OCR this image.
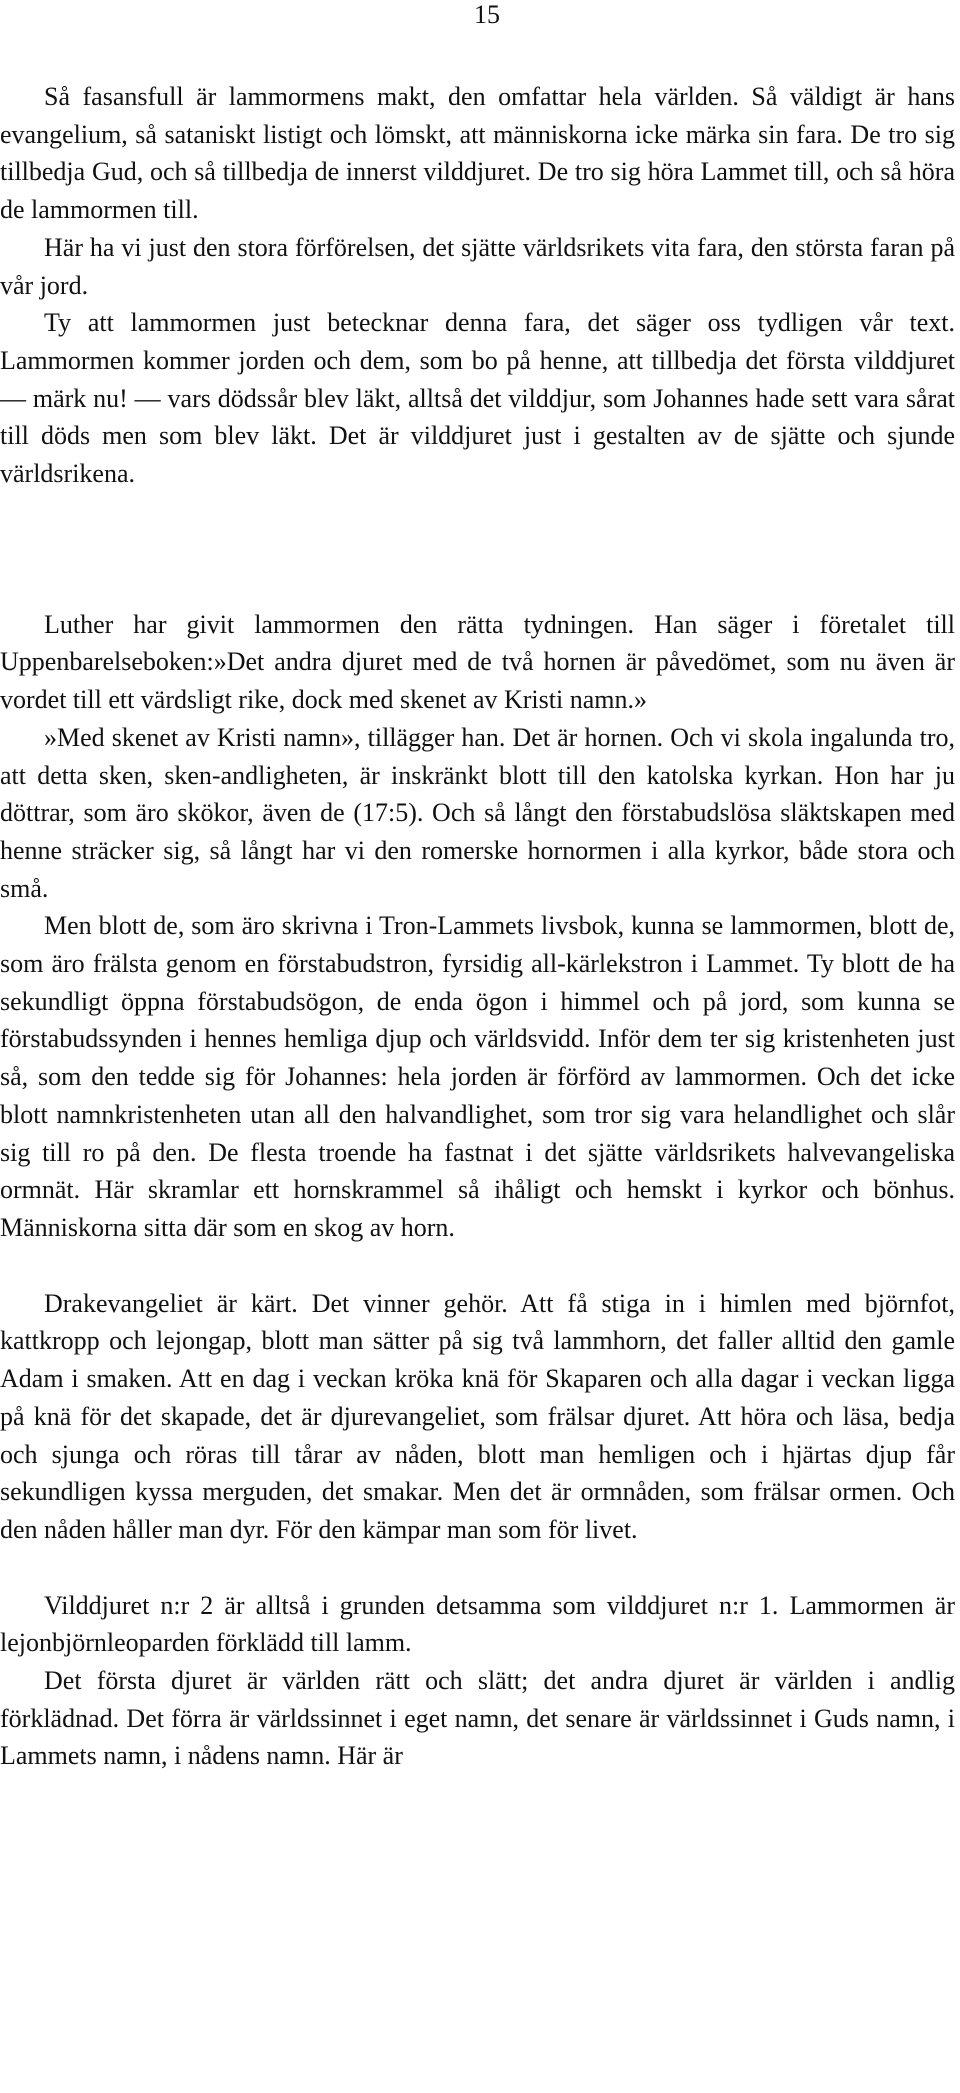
15

Så fasansfull är lammormens makt, den omfattar hela världen. Så väldigt är hans evangelium, så sataniskt listigt och lömskt, att människorna icke märka sin fara. De tro sig tillbedja Gud, och så tillbedja de innerst vilddjuret. De tro sig höra Lammet till, och så höra de lammormen till.

Här ha vi just den stora förförelsen, det sjätte världsrikets vita fara, den största faran på vår jord.

Ty att lammormen just betecknar denna fara, det säger oss tydligen vår text. Lammormen kommer jorden och dem, som bo på henne, att tillbedja det första vilddjuret — märk nu! — vars dödssår blev läkt, alltså det vilddjur, som Johannes hade sett vara sårat till döds men som blev läkt. Det är vilddjuret just i gestalten av de sjätte och sjunde världsrikena.

Luther har givit lammormen den rätta tydningen. Han säger i företalet till Uppenbarelseboken:»Det andra djuret med de två hornen är påvedömet, som nu även är vordet till ett värdsligt rike, dock med skenet av Kristi namn.»

»Med skenet av Kristi namn», tillägger han. Det är hornen. Och vi skola ingalunda tro, att detta sken, sken-andligheten, är inskränkt blott till den katolska kyrkan. Hon har ju döttrar, som äro skökor, även de (17:5). Och så långt den förstabudslösa släktskapen med henne sträcker sig, så långt har vi den romerske hornormen i alla kyrkor, både stora och små.

Men blott de, som äro skrivna i Tron-Lammets livsbok, kunna se lammormen, blott de, som äro frälsta genom en förstabudstron, fyrsidig all-kärlekstron i Lammet. Ty blott de ha sekundligt öppna förstabudsögon, de enda ögon i himmel och på jord, som kunna se förstabudssynden i hennes hemliga djup och världsvidd. Inför dem ter sig kristenheten just så, som den tedde sig för Johannes: hela jorden är förförd av lammormen. Och det icke blott namnkristenheten utan all den halvandlighet, som tror sig vara helandlighet och slår sig till ro på den. De flesta troende ha fastnat i det sjätte världsrikets halvevangeliska ormnät. Här skramlar ett hornskrammel så ihåligt och hemskt i kyrkor och bönhus. Människorna sitta där som en skog av horn.

Drakevangeliet är kärt. Det vinner gehör. Att få stiga in i himlen med björnfot, kattkropp och lejongap, blott man sätter på sig två lammhorn, det faller alltid den gamle Adam i smaken. Att en dag i veckan kröka knä för Skaparen och alla dagar i veckan ligga på knä för det skapade, det är djurevangeliet, som frälsar djuret. Att höra och läsa, bedja och sjunga och röras till tårar av nåden, blott man hemligen och i hjärtas djup får sekundligen kyssa merguden, det smakar. Men det är ormnåden, som frälsar ormen. Och den nåden håller man dyr. För den kämpar man som för livet.

Vilddjuret n:r 2 är alltså i grunden detsamma som vilddjuret n:r 1. Lammormen är lejonbjörnleoparden förklädd till lamm.

Det första djuret är världen rätt och slätt; det andra djuret är världen i andlig förklädnad. Det förra är världssinnet i eget namn, det senare är världssinnet i Guds namn, i Lammets namn, i nådens namn. Här är
